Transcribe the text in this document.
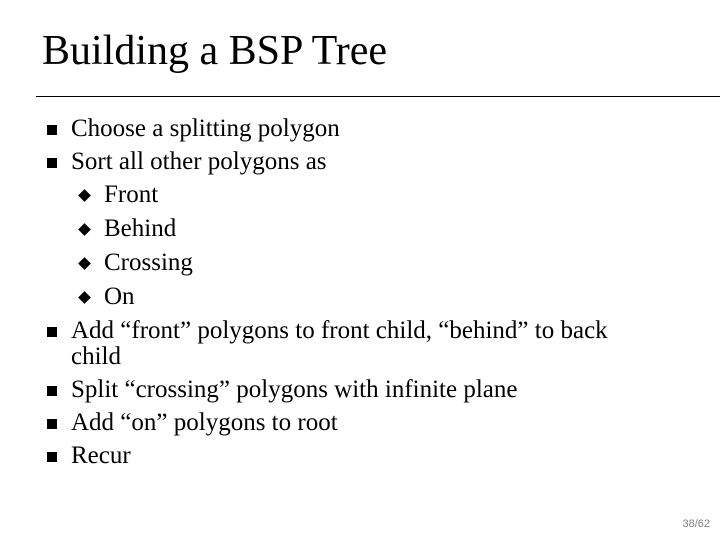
Building a BSP Tree
Choose a splitting polygon
Sort all other polygons as
Front
Behind
Crossing
On
Add “front” polygons to front child, “behind” to back child
Split “crossing” polygons with infinite plane
Add “on” polygons to root
Recur
38/62
